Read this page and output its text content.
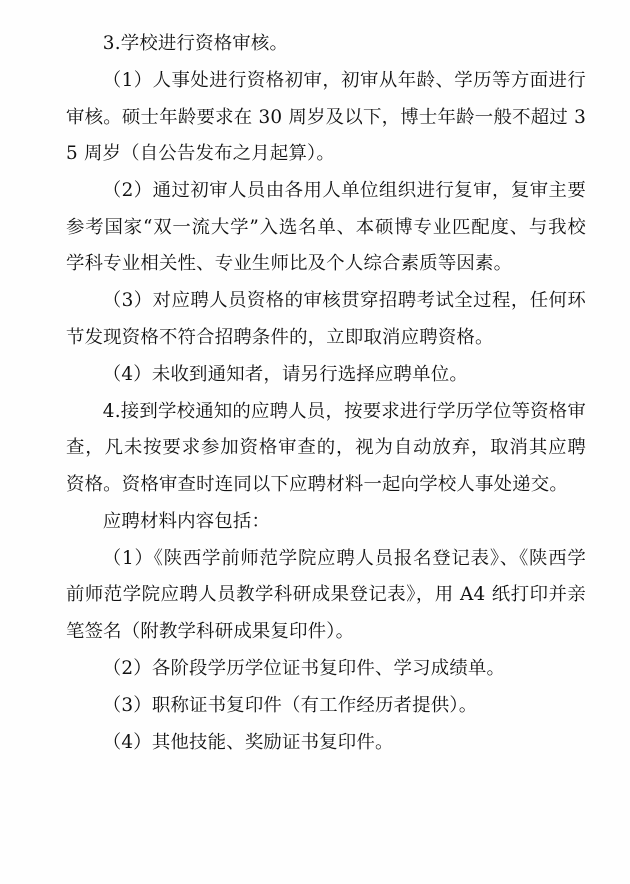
3.学校进行资格审核。

（1）人事处进行资格初审，初审从年龄、学历等方面进行审核。硕士年龄要求在 30 周岁及以下，博士年龄一般不超过 35 周岁（自公告发布之月起算）。

（2）通过初审人员由各用人单位组织进行复审，复审主要参考国家“双一流大学”入选名单、本硕博专业匹配度、与我校学科专业相关性、专业生师比及个人综合素质等因素。

（3）对应聘人员资格的审核贯穿招聘考试全过程，任何环节发现资格不符合招聘条件的，立即取消应聘资格。

（4）未收到通知者，请另行选择应聘单位。

4.接到学校通知的应聘人员，按要求进行学历学位等资格审查，凡未按要求参加资格审查的，视为自动放弃，取消其应聘资格。资格审查时连同以下应聘材料一起向学校人事处递交。

应聘材料内容包括：

（1）《陕西学前师范学院应聘人员报名登记表》、《陕西学前师范学院应聘人员教学科研成果登记表》，用 A4 纸打印并亲笔签名（附教学科研成果复印件）。

（2）各阶段学历学位证书复印件、学习成绩单。

（3）职称证书复印件（有工作经历者提供）。

（4）其他技能、奖励证书复印件。
